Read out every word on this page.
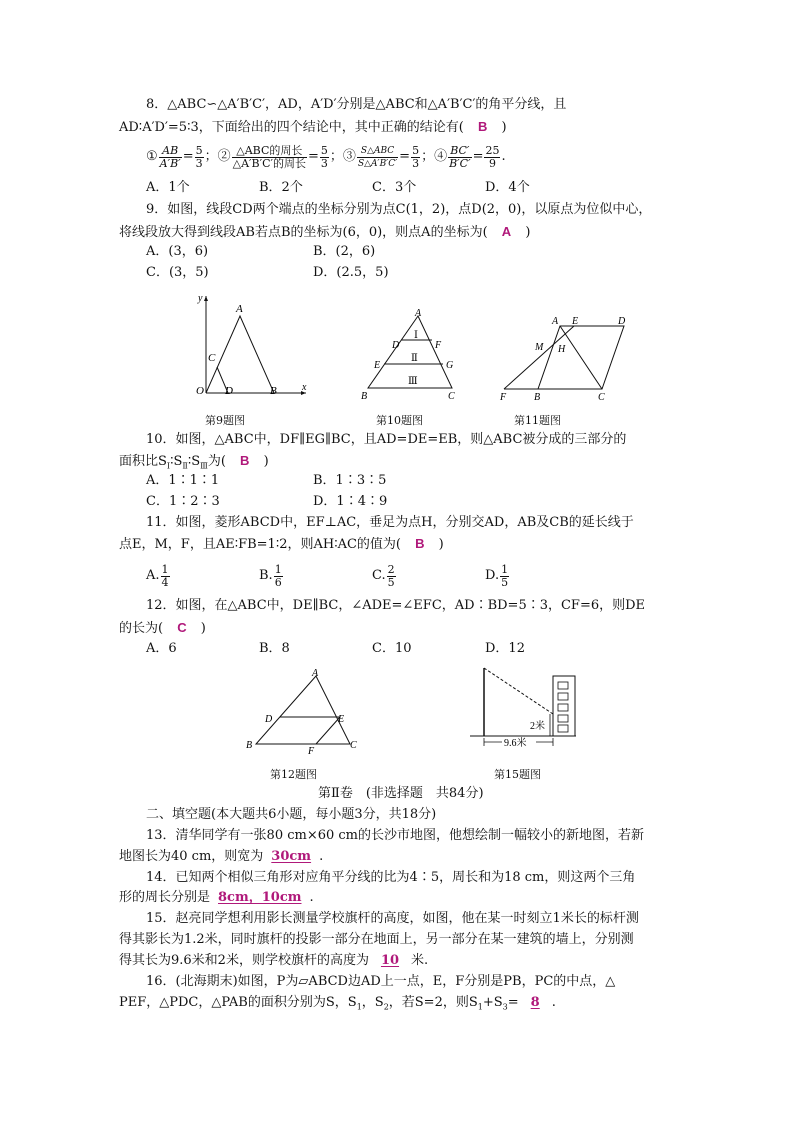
8．△ABC∽△A′B′C′，AD，A′D′分别是△ABC和△A′B′C′的角平分线，且
AD∶A′D′=5∶3，下面给出的四个结论中，其中正确的结论有( B )
① $\frac{AB}{A'B'} = \frac{5}{3}$ ；② $\frac{\text{△ABC的周长}}{\text{△A′B′C′的周长}} = \frac{5}{3}$ ；③ $\frac{\text{S△ABC}}{S\triangle A'B'C'} = \frac{5}{3}$ ；④ $\frac{BC'}{B'C'} = \frac{25}{9}$ .
A．1个	B．2个	C．3个	D．4个
9．如图，线段CD两个端点的坐标分别为点C(1，2)，点D(2，0)，以原点为位似中心，
将线段放大得到线段AB若点B的坐标为(6，0)，则点A的坐标为( A )
A．(3，6)	B．(2，6)
C．(3，5)	D．(2.5，5)
y
x
O
A
B
C
D
A
B	C
D	F
E	G
Ⅰ
Ⅱ
Ⅲ
A E	D
M H
F	B	C
第9题图	第10题图	第11题图
10．如图，△ABC中，DF∥EG∥BC，且AD=DE=EB，则△ABC被分成的三部分的
面积比$S_Ⅰ∶S_Ⅱ∶S_Ⅲ$为( B )
A．1∶1∶1	B．1∶3∶5
C．1∶2∶3	D．1∶4∶9
11．如图，菱形ABCD中，EF⊥AC，垂足为点H，分别交AD，AB及CB的延长线于
点E，M，F，且AE∶FB=1∶2，则AH∶AC的值为( B )
A. $\frac{1}{4}$	B. $\frac{1}{6}$	C. $\frac{2}{5}$	D. $\frac{1}{5}$
12．如图，在△ABC中，DE∥BC，∠ADE=∠EFC，AD∶BD=5∶3，CF=6，则DE
的长为( C )
A．6	B．8	C．10	D．12
A
B	C
D	E
F
2米
9.6米
第12题图	第15题图
第Ⅱ卷　(非选择题　共84分)
二、填空题(本大题共6小题，每小题3分，共18分)
13．清华同学有一张80 cm×60 cm的长沙市地图，他想绘制一幅较小的新地图，若新
地图长为40 cm，则宽为 30cm .
14．已知两个相似三角形对应角平分线的比为4∶5，周长和为18 cm，则这两个三角
形的周长分别是 8cm，10cm .
15．赵亮同学想利用影长测量学校旗杆的高度，如图，他在某一时刻立1米长的标杆测
得其影长为1.2米，同时旗杆的投影一部分在地面上，另一部分在某一建筑的墙上，分别测
得其长为9.6米和2米，则学校旗杆的高度为 10 米.
16．(北海期末)如图，P为▱ABCD边AD上一点，E，F分别是PB，PC的中点，△
PEF，△PDC，△PAB的面积分别为S，$S_1$，$S_2$，若S=2，则$S_1+S_3= 8$ .
